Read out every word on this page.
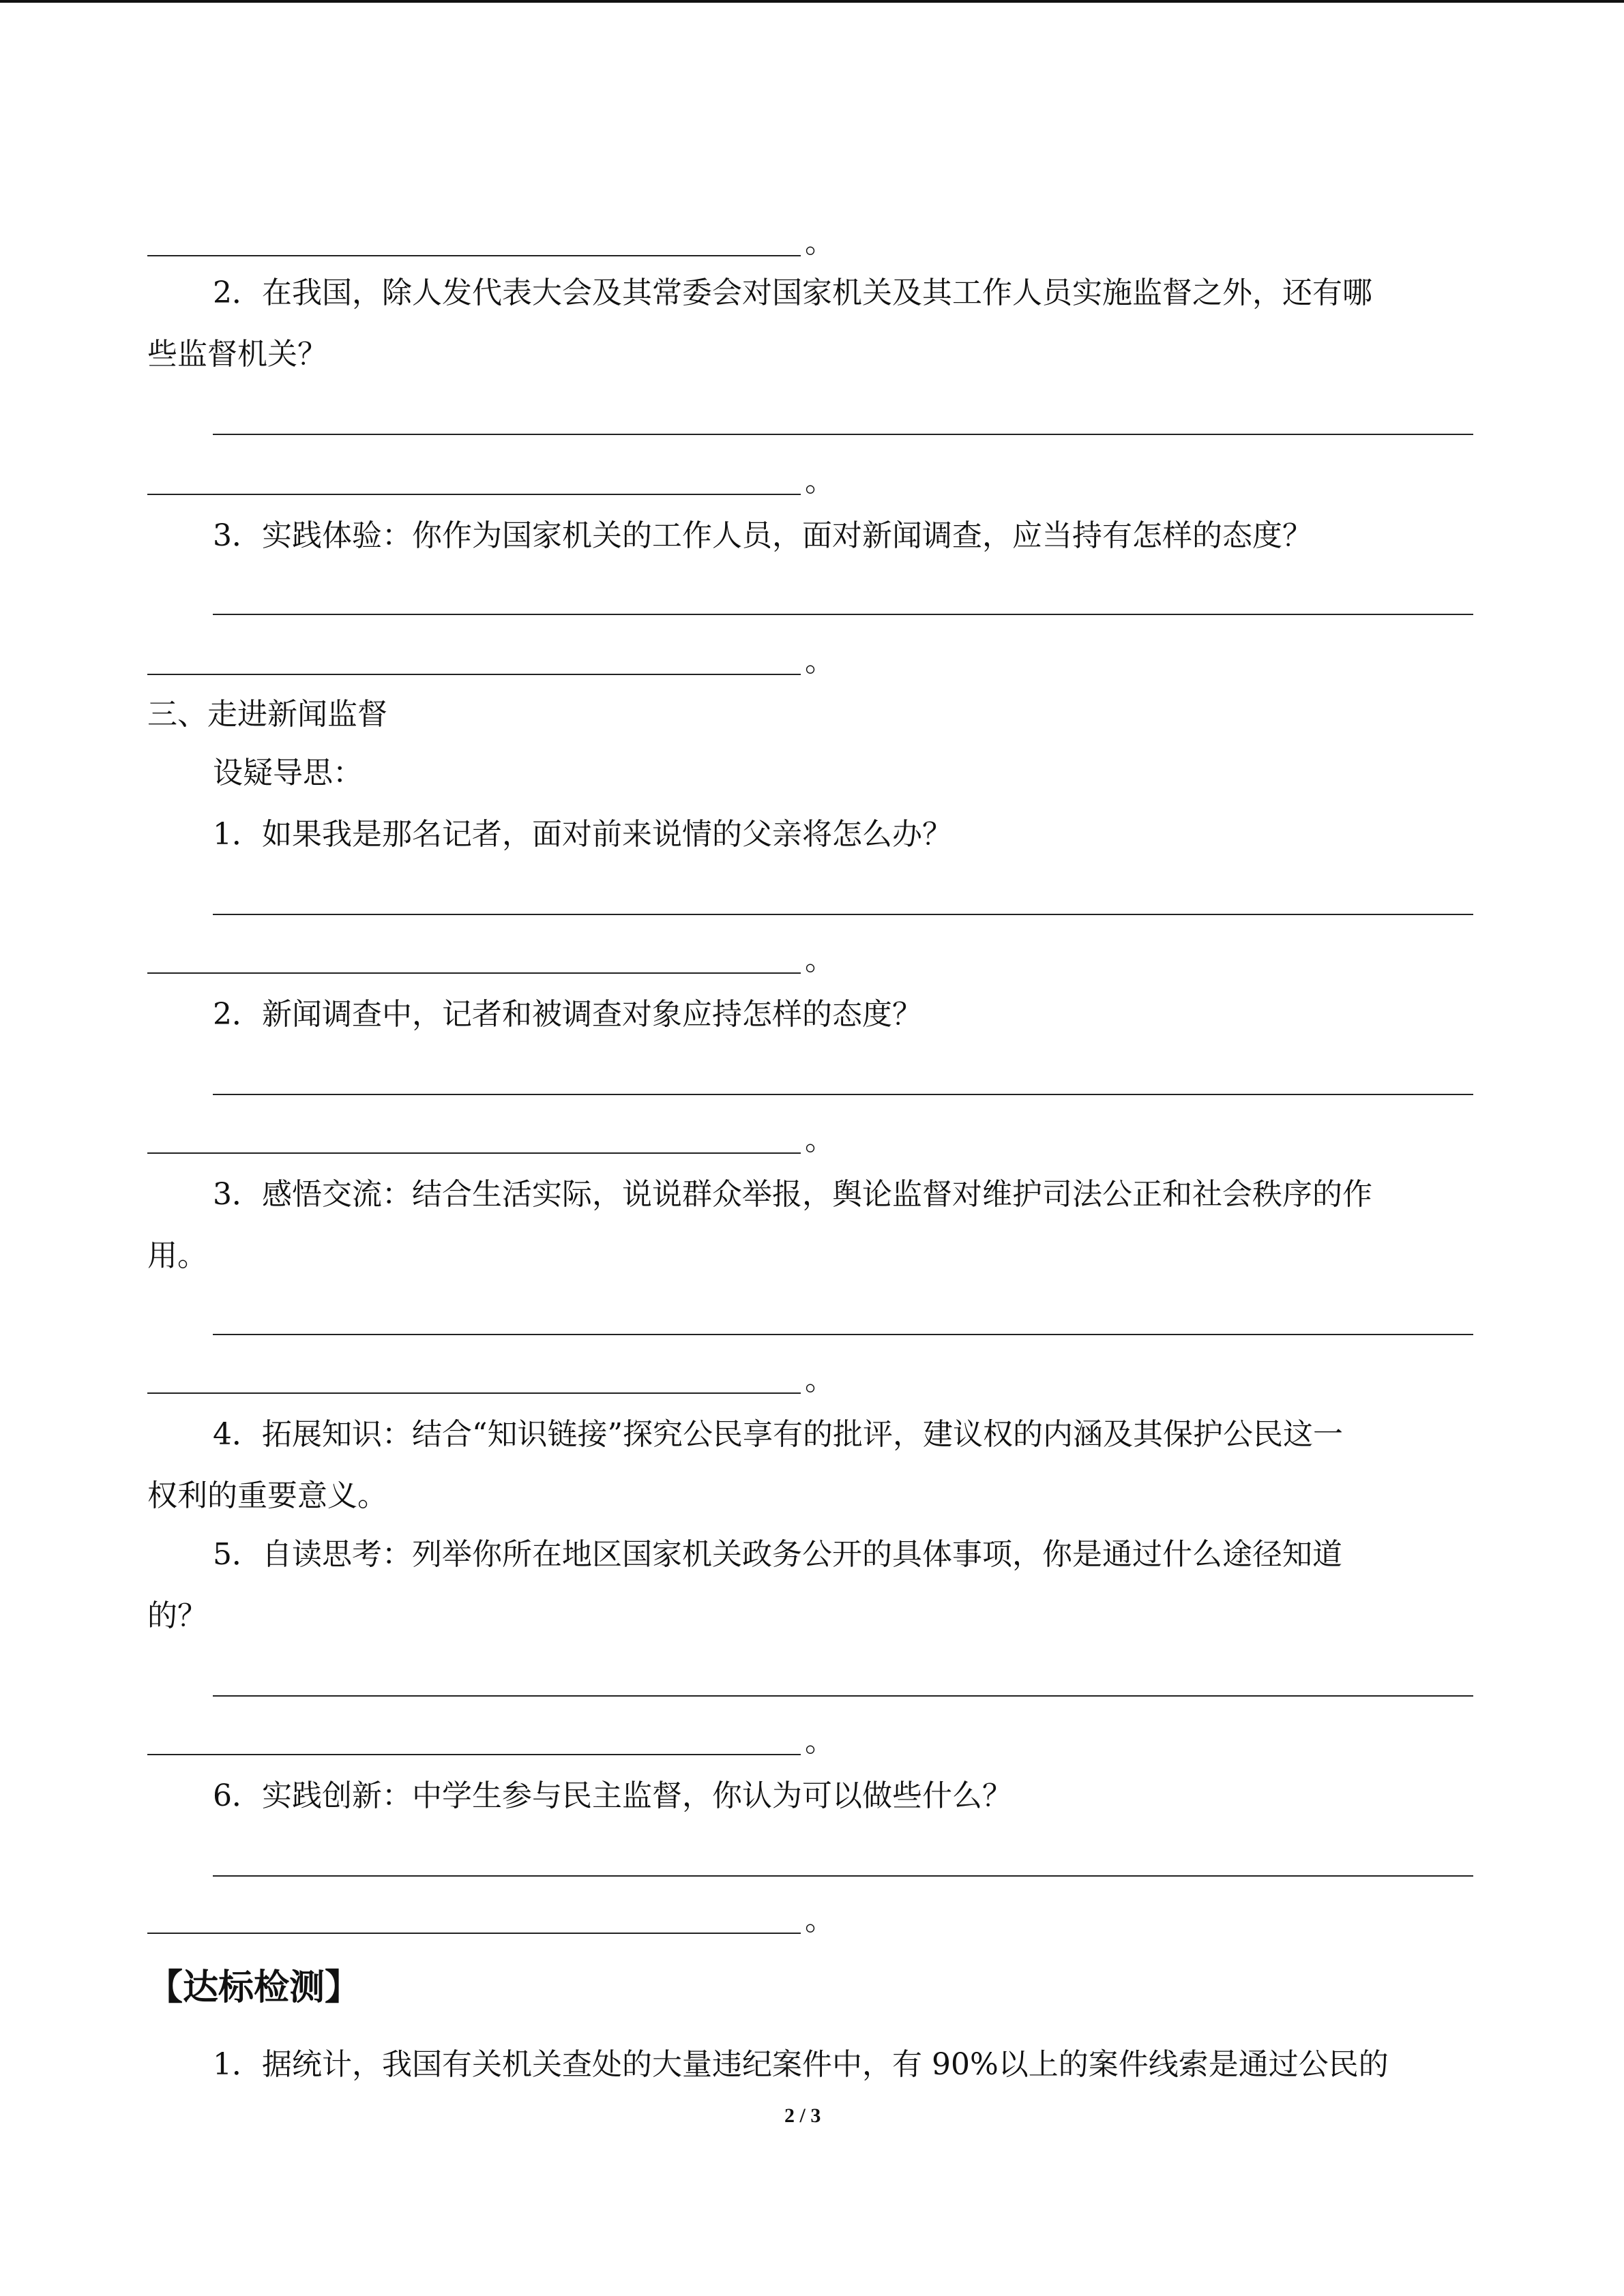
。
2．在我国，除人发代表大会及其常委会对国家机关及其工作人员实施监督之外，还有哪
些监督机关？
。
3．实践体验：你作为国家机关的工作人员，面对新闻调查，应当持有怎样的态度？
。
三、走进新闻监督
设疑导思：
1．如果我是那名记者，面对前来说情的父亲将怎么办？
。
2．新闻调查中，记者和被调查对象应持怎样的态度？
。
3．感悟交流：结合生活实际，说说群众举报，舆论监督对维护司法公正和社会秩序的作
用。
。
4．拓展知识：结合“知识链接”探究公民享有的批评，建议权的内涵及其保护公民这一
权利的重要意义。
5．自读思考：列举你所在地区国家机关政务公开的具体事项，你是通过什么途径知道
的？
。
6．实践创新：中学生参与民主监督，你认为可以做些什么？
。
【达标检测】
1．据统计，我国有关机关查处的大量违纪案件中，有 90%以上的案件线索是通过公民的
2 / 3
